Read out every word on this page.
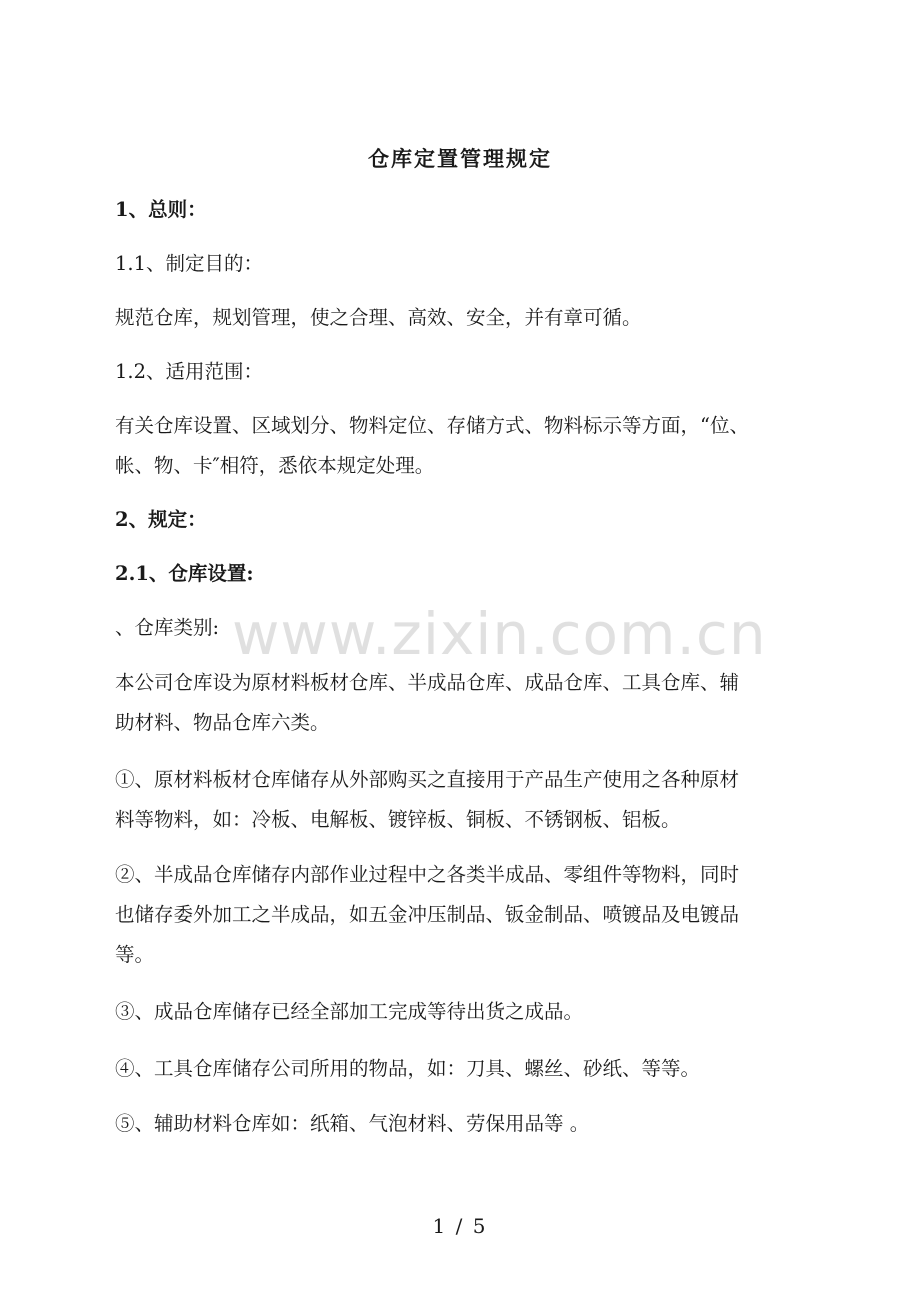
仓库定置管理规定
1、总则：
1.1、制定目的：
规范仓库，规划管理，使之合理、高效、安全，并有章可循。
1.2、适用范围：
有关仓库设置、区域划分、物料定位、存储方式、物料标示等方面，“位、
帐、物、卡″相符，悉依本规定处理。
2、规定：
2.1、仓库设置:
、仓库类别:
本公司仓库设为原材料板材仓库、半成品仓库、成品仓库、工具仓库、辅
助材料、物品仓库六类。
①、原材料板材仓库储存从外部购买之直接用于产品生产使用之各种原材
料等物料，如：冷板、电解板、镀锌板、铜板、不锈钢板、铝板。
②、半成品仓库储存内部作业过程中之各类半成品、零组件等物料，同时
也储存委外加工之半成品，如五金冲压制品、钣金制品、喷镀品及电镀品
等。
③、成品仓库储存已经全部加工完成等待出货之成品。
④、工具仓库储存公司所用的物品，如：刀具、螺丝、砂纸、等等。
⑤、辅助材料仓库如：纸箱、气泡材料、劳保用品等 。
www.zixin.com.cn
1 / 5
